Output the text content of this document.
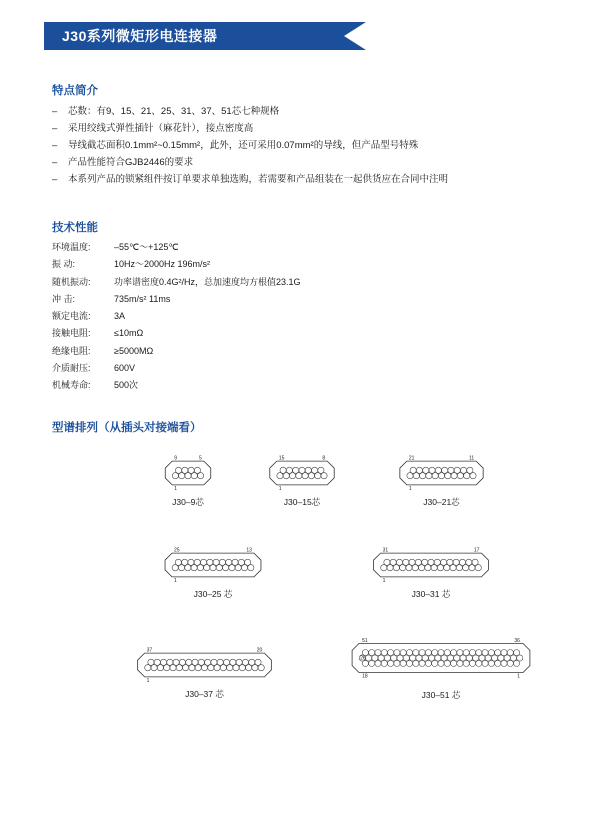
J30系列微矩形电连接器
特点简介
– 芯数：有9、15、21、25、31、37、51芯七种规格
– 采用绞线式弹性插针（麻花针），接点密度高
– 导线截芯面积0.1mm²~0.15mm²，此外，还可采用0.07mm²的导线，但产品型号特殊
– 产品性能符合GJB2446的要求
– 本系列产品的锁紧组件按订单要求单独选购，若需要和产品组装在一起供货应在合同中注明
技术性能
环境温度:	–55℃～+125℃
振 动:	10Hz～2000Hz 196m/s²
随机振动:	功率谱密度0.4G²/Hz，总加速度均方根值23.1G
冲 击:	735m/s² 11ms
额定电流:	3A
接触电阻:	≤10mΩ
绝缘电阻:	≥5000MΩ
介质耐压:	600V
机械寿命:	500次
型谱排列（从插头对接端看）
9	5
1
J30–9芯
15	8
1
J30–15芯
21	11
1
J30–21芯
25	13
1
J30–25 芯
31	17
1
J30–31 芯
37	20
1
J30–37 芯
51	36
26
18	1
J30–51 芯
